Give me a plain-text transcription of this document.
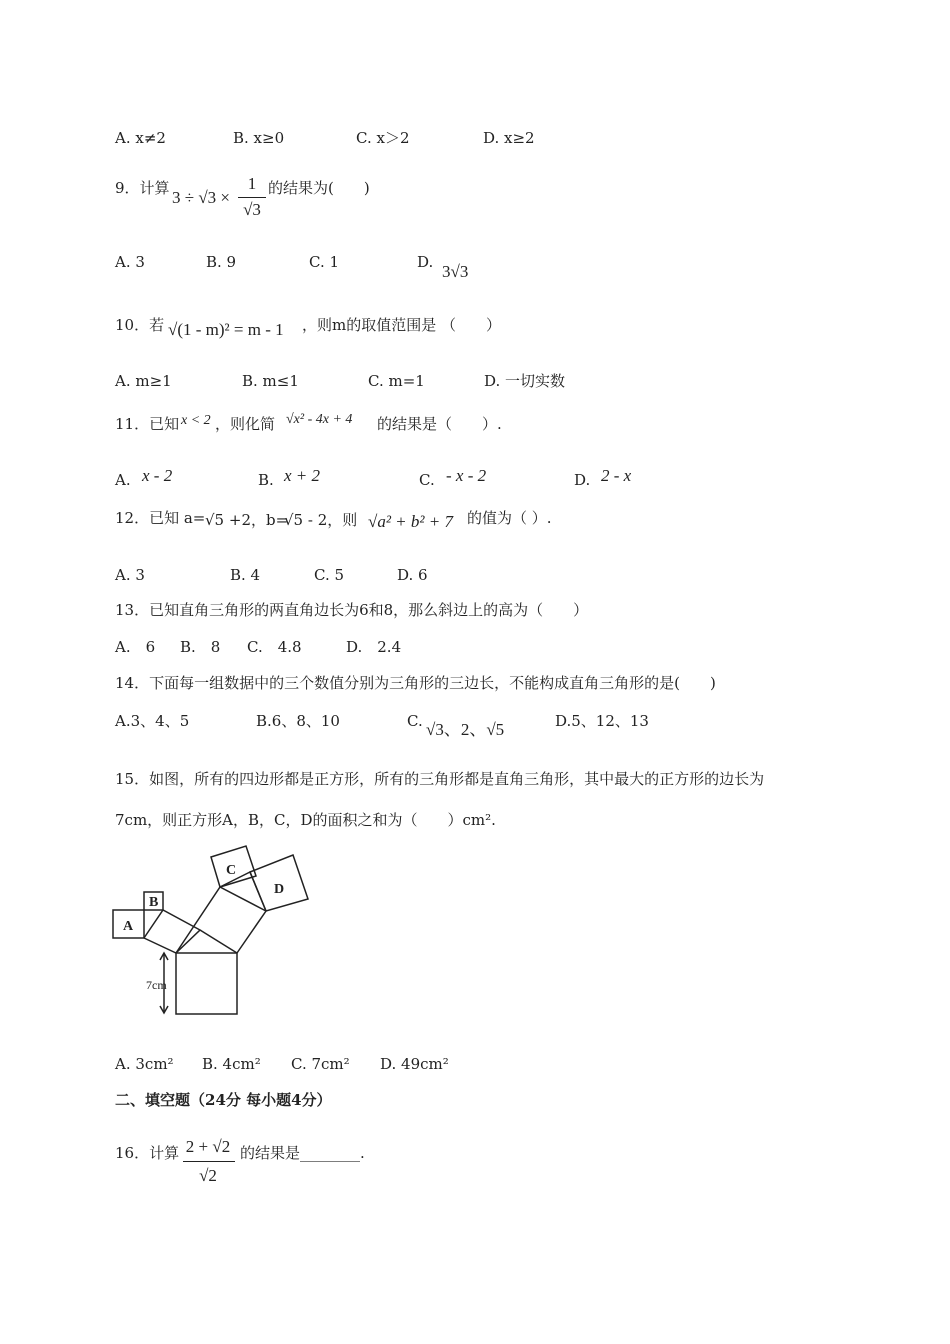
A. x≠2	B. x≥0	C. x＞2	D. x≥2
9．计算 3 ÷ √3 ×
1
√3
的结果为(　　)
A. 3	B. 9	C. 1	D. 3√3
10．若 √(1 - m)² = m - 1 ，则m的取值范围是 （　　）
A. m≥1	B. m≤1	C. m=1	D. 一切实数
11．已知 x < 2 ，则化简 √x² - 4x + 4 的结果是（　　）.
A. x - 2	B. x + 2	C. - x - 2	D. 2 - x
12．已知 a= √5 +2，b=
√5 - 2，则 √a² + b² + 7 的值为（ ）.
A. 3	B. 4	C. 5	D. 6
13．已知直角三角形的两直角边长为6和8，那么斜边上的高为（　　）
A.　6 B.　8 C.　4.8	D.　2.4
14．下面每一组数据中的三个数值分别为三角形的三边长，不能构成直角三角形的是(　　)
A.3、4、5	B.6、8、10	C. √3、2、√5	D.5、12、13
15．如图，所有的四边形都是正方形，所有的三角形都是直角三角形，其中最大的正方形的边长为
7cm，则正方形A，B，C，D的面积之和为（　　）cm².
A
B
C
D
7cm
A. 3cm² B. 4cm² C. 7cm² D. 49cm²
二、填空题（24分 每小题4分）
16．计算 2 + √2
√2
的结果是________.
